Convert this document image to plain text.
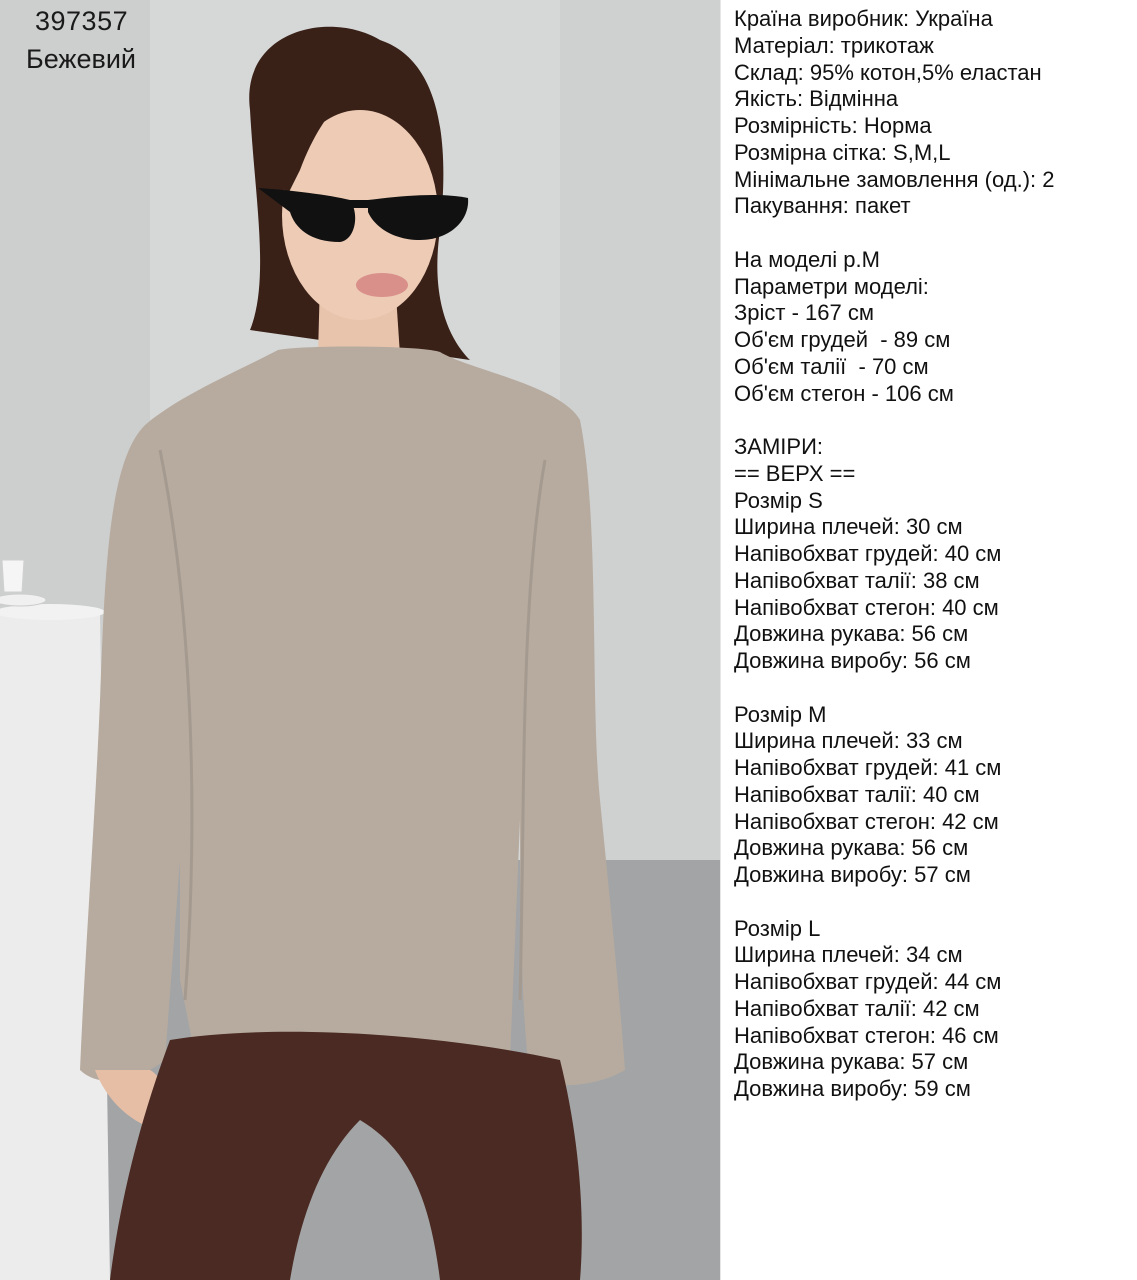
397357
Бежевий
Країна виробник: Україна
Матеріал: трикотаж
Склад: 95% котон,5% еластан
Якість: Відмінна
Розмірність: Норма
Розмірна сітка: S,M,L
Мінімальне замовлення (од.): 2
Пакування: пакет
На моделі р.М
Параметри моделі:
Зріст - 167 см
Об'єм грудей  - 89 см
Об'єм талії  - 70 см
Об'єм стегон - 106 см
ЗАМІРИ:
== ВЕРХ ==
Розмір S
Ширина плечей: 30 см
Напівобхват грудей: 40 см
Напівобхват талії: 38 см
Напівобхват стегон: 40 см
Довжина рукава: 56 см
Довжина виробу: 56 см
Розмір М
Ширина плечей: 33 см
Напівобхват грудей: 41 см
Напівобхват талії: 40 см
Напівобхват стегон: 42 см
Довжина рукава: 56 см
Довжина виробу: 57 см
Розмір L
Ширина плечей: 34 см
Напівобхват грудей: 44 см
Напівобхват талії: 42 см
Напівобхват стегон: 46 см
Довжина рукава: 57 см
Довжина виробу: 59 см
